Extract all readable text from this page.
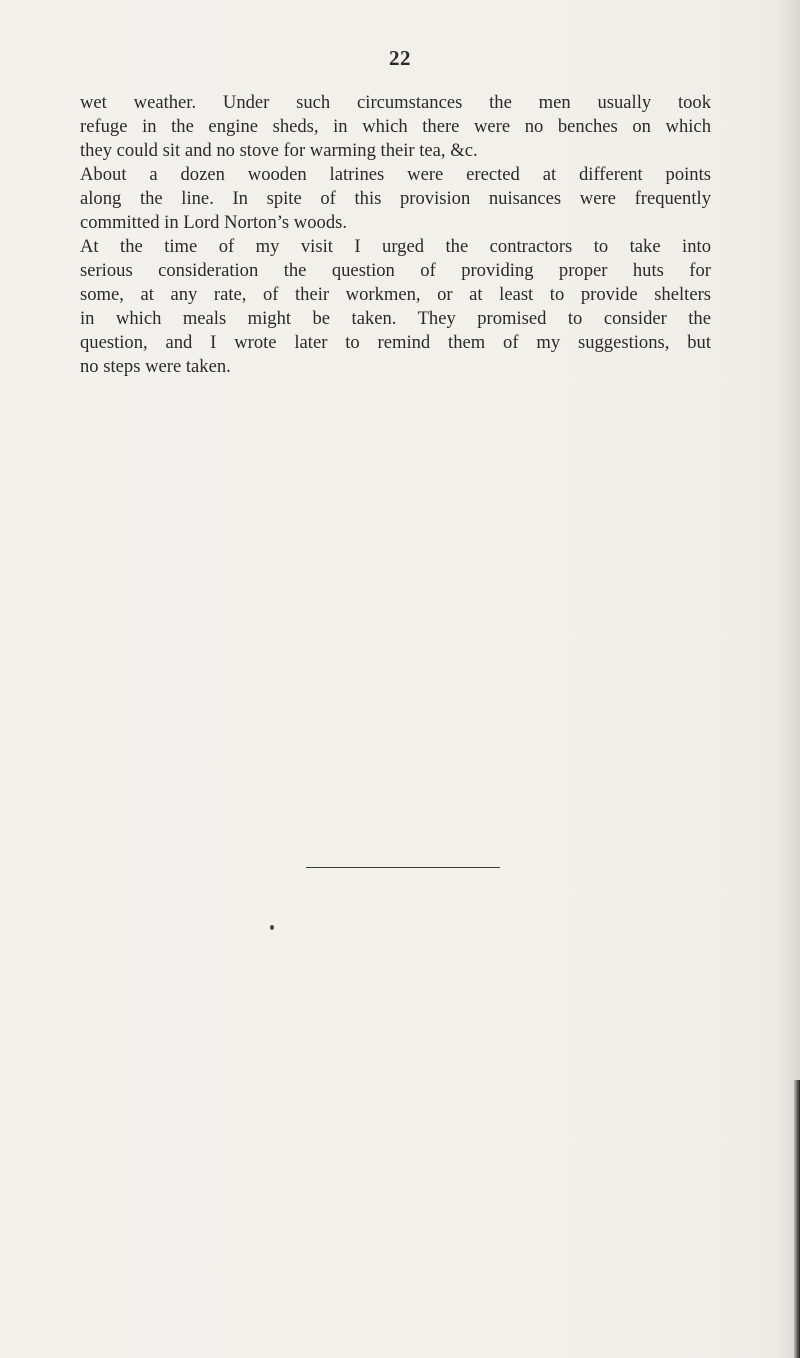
22

wet weather. Under such circumstances the men usually took
refuge in the engine sheds, in which there were no benches on which
they could sit and no stove for warming their tea, &c.

About a dozen wooden latrines were erected at different points
along the line. In spite of this provision nuisances were frequently
committed in Lord Norton’s woods.

At the time of my visit I urged the contractors to take into
serious consideration the question of providing proper huts for
some, at any rate, of their workmen, or at least to provide shelters
in which meals might be taken. They promised to consider the
question, and I wrote later to remind them of my suggestions, but
no steps were taken.
